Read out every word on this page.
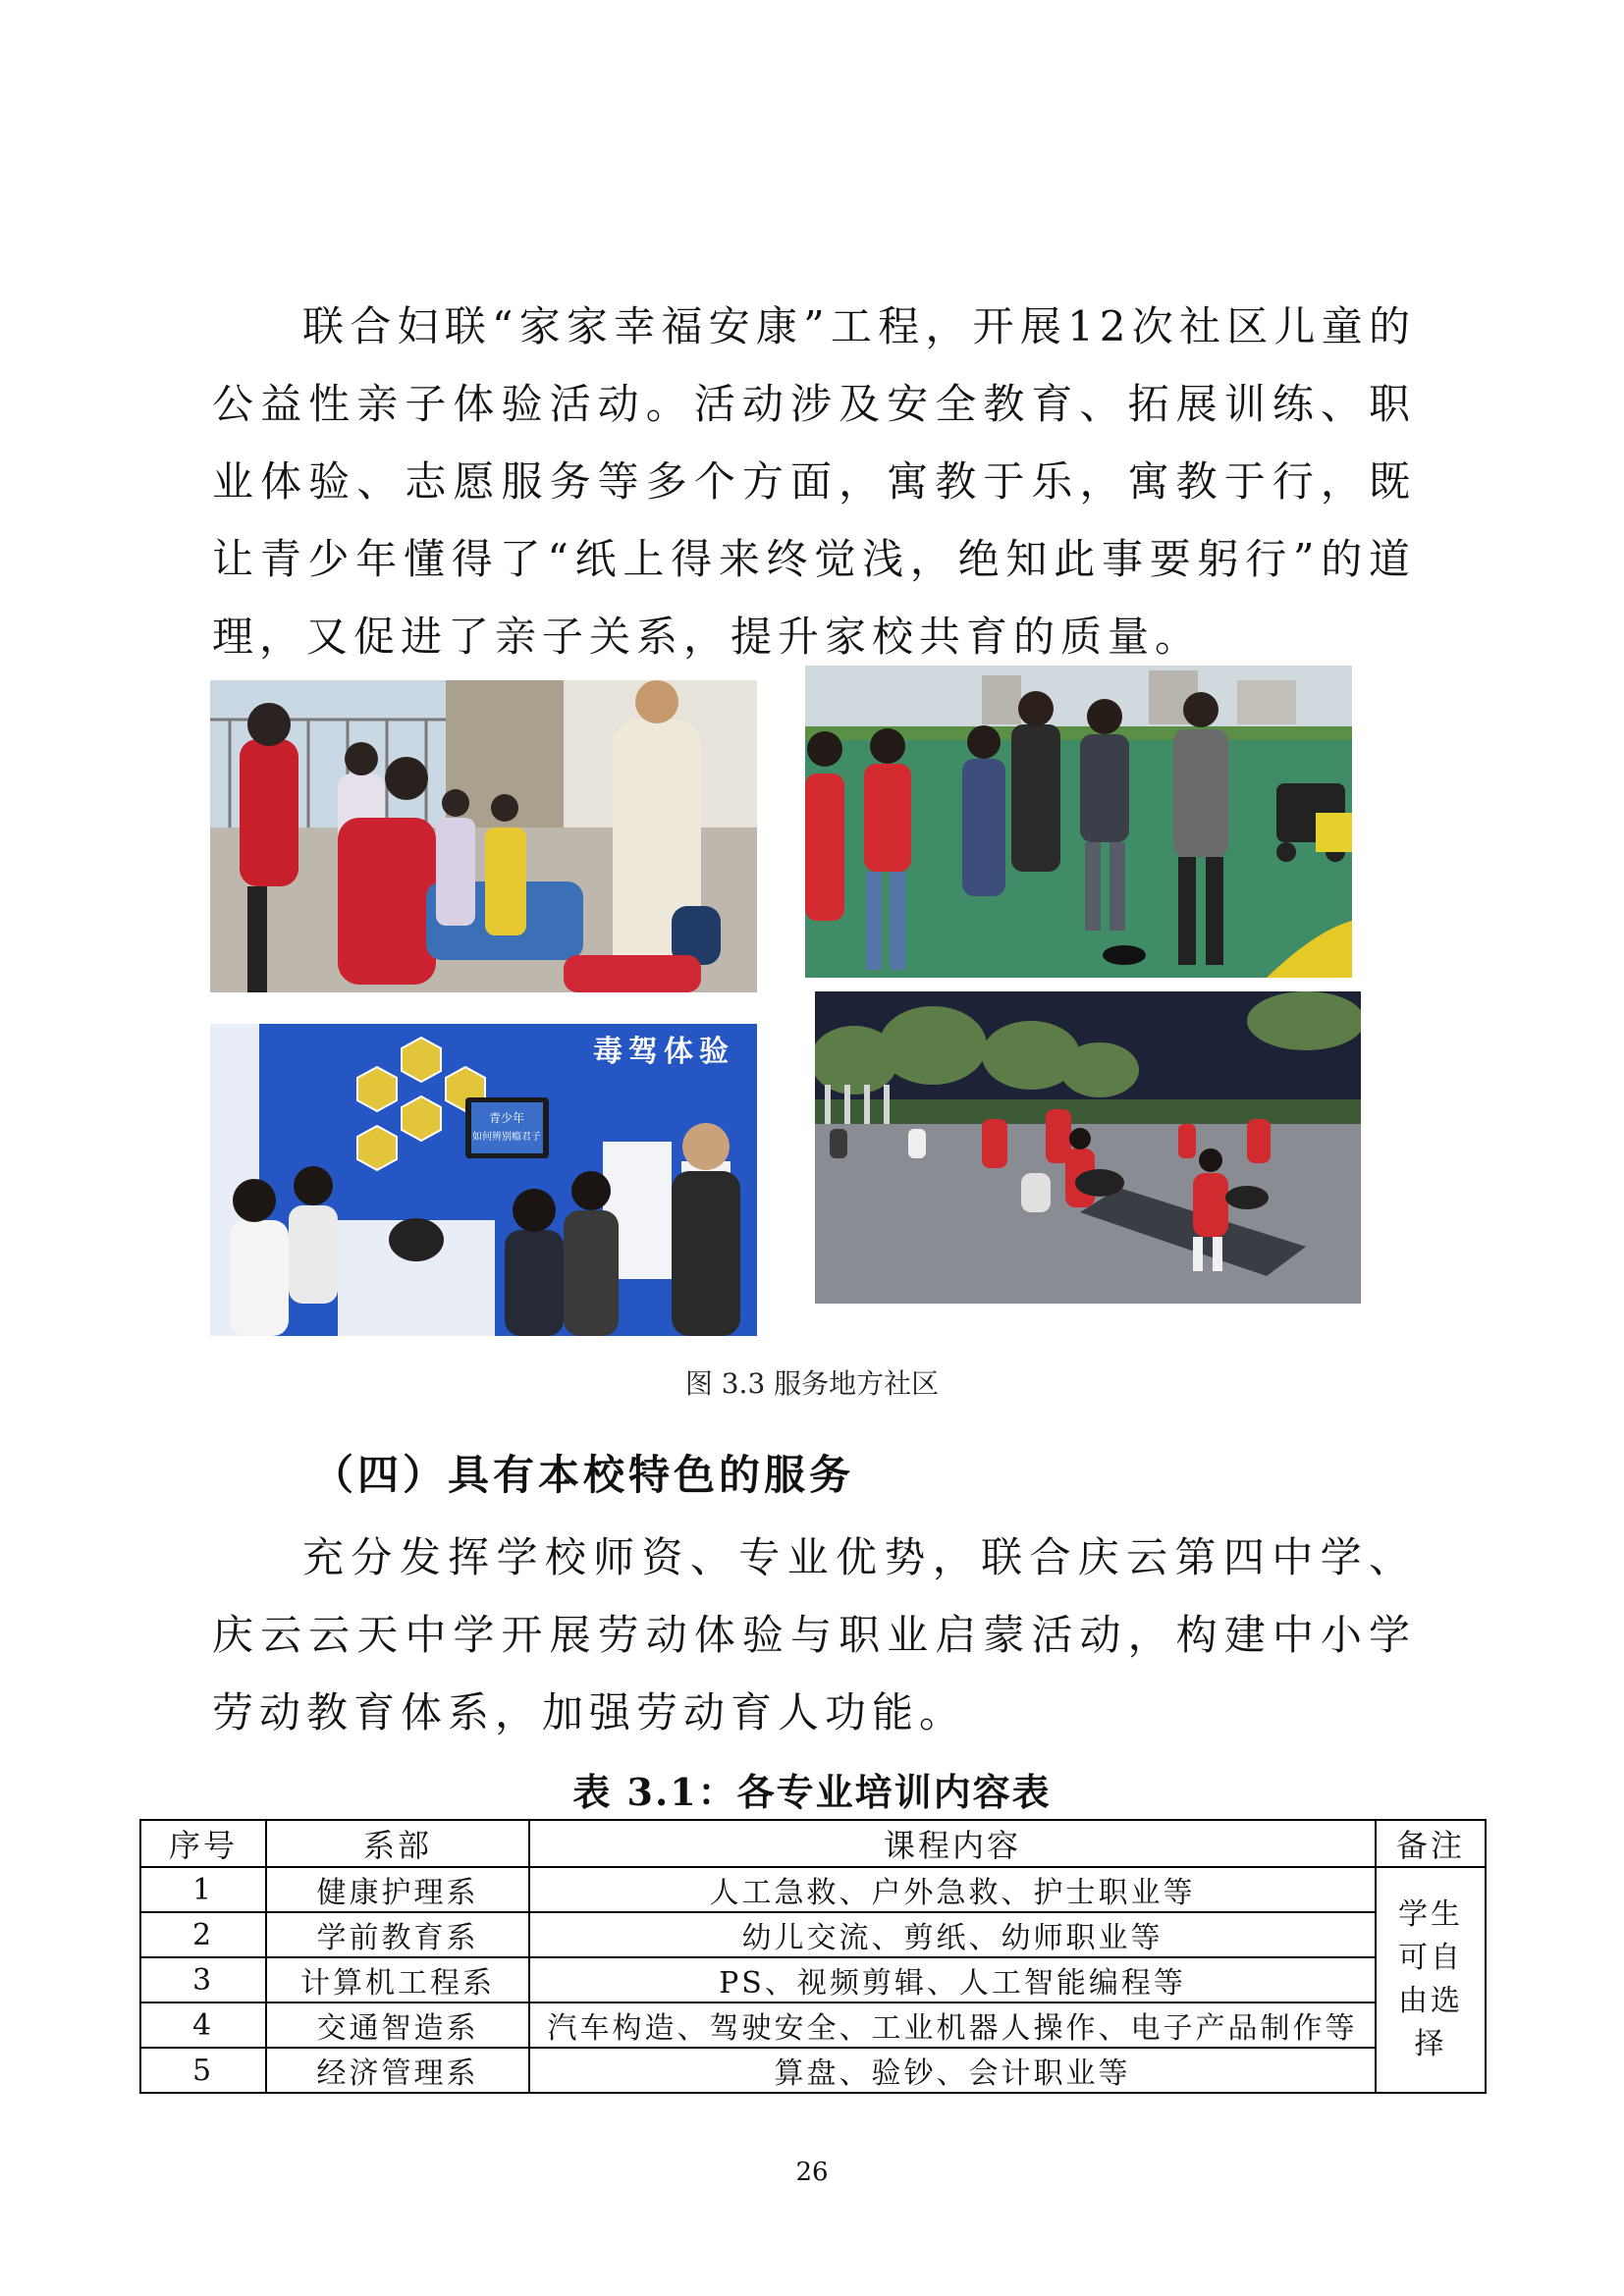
联合妇联“家家幸福安康”工程，开展12次社区儿童的公益性亲子体验活动。活动涉及安全教育、拓展训练、职业体验、志愿服务等多个方面，寓教于乐，寓教于行，既让青少年懂得了“纸上得来终觉浅，绝知此事要躬行”的道理，又促进了亲子关系，提升家校共育的质量。

青少年
如何辨别瘾君子
毒驾体验
图 3.3 服务地方社区
（四）具有本校特色的服务

充分发挥学校师资、专业优势，联合庆云第四中学、庆云云天中学开展劳动体验与职业启蒙活动，构建中小学劳动教育体系，加强劳动育人功能。

表 3.1：各专业培训内容表
序号	系部	课程内容	备注
1	健康护理系	人工急救、户外急救、护士职业等	学生可自由选择

2	学前教育系	幼儿交流、剪纸、幼师职业等	
3	计算机工程系	PS、视频剪辑、人工智能编程等	
4	交通智造系	汽车构造、驾驶安全、工业机器人操作、电子产品制作等	
5	经济管理系	算盘、验钞、会计职业等	
26
